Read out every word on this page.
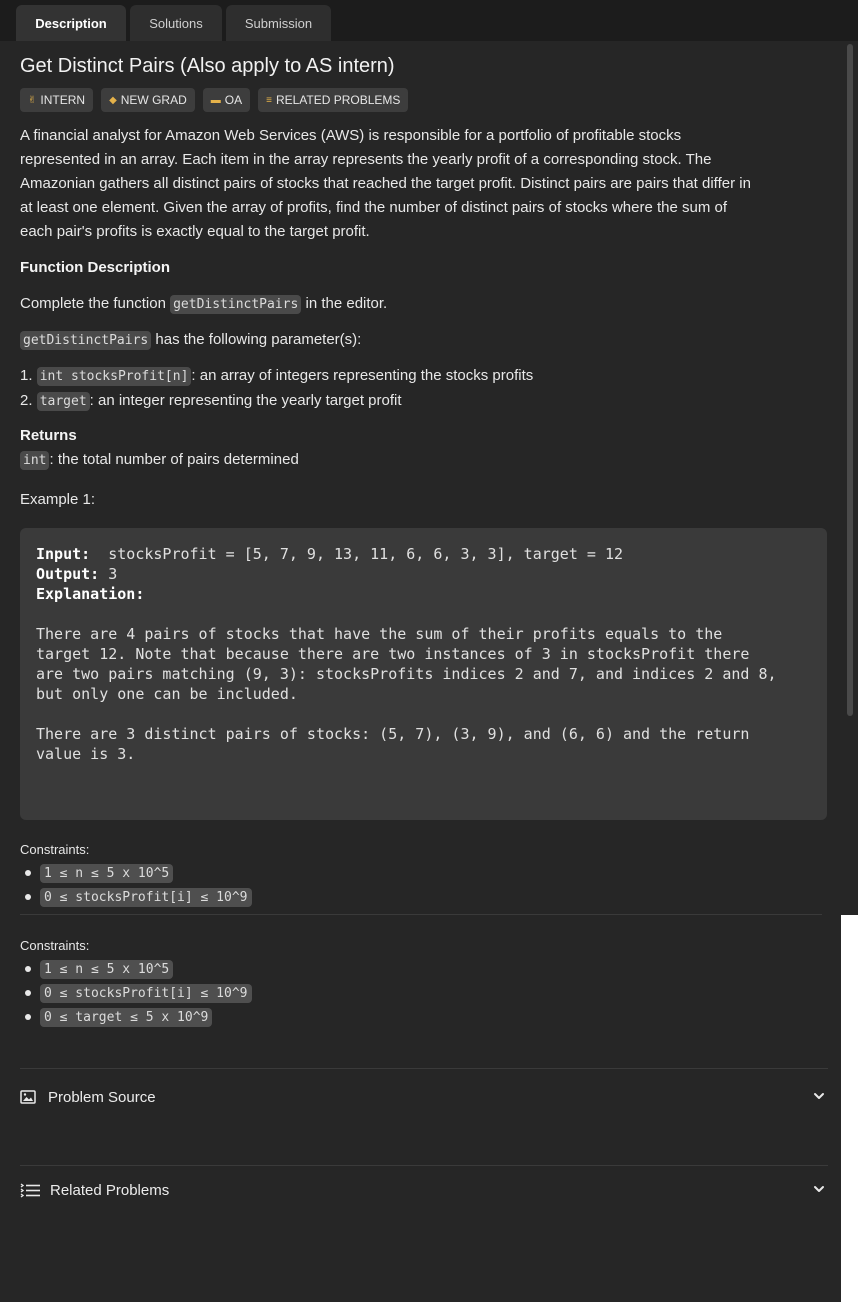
Description	Solutions	Submission
Get Distinct Pairs (Also apply to AS intern)
✌ INTERN ◆ NEW GRAD ▬ OA ≡ RELATED PROBLEMS
A financial analyst for Amazon Web Services (AWS) is responsible for a portfolio of profitable stocks
represented in an array. Each item in the array represents the yearly profit of a corresponding stock. The
Amazonian gathers all distinct pairs of stocks that reached the target profit. Distinct pairs are pairs that differ in
at least one element. Given the array of profits, find the number of distinct pairs of stocks where the sum of
each pair's profits is exactly equal to the target profit.
Function Description
Complete the function getDistinctPairs in the editor.
getDistinctPairs has the following parameter(s):
1. int stocksProfit[n] : an array of integers representing the stocks profits
2. target : an integer representing the yearly target profit
Returns
int : the total number of pairs determined
Example 1:
Input:  stocksProfit = [5, 7, 9, 13, 11, 6, 6, 3, 3], target = 12
Output: 3
Explanation:
There are 4 pairs of stocks that have the sum of their profits equals to the
target 12. Note that because there are two instances of 3 in stocksProfit there
are two pairs matching (9, 3): stocksProfits indices 2 and 7, and indices 2 and 8,
but only one can be included.
There are 3 distinct pairs of stocks: (5, 7), (3, 9), and (6, 6) and the return
value is 3.
Constraints:
1 ≤ n ≤ 5 x 10^5
0 ≤ stocksProfit[i] ≤ 10^9
Constraints:
1 ≤ n ≤ 5 x 10^5
0 ≤ stocksProfit[i] ≤ 10^9
0 ≤ target ≤ 5 x 10^9
Problem Source
Related Problems
